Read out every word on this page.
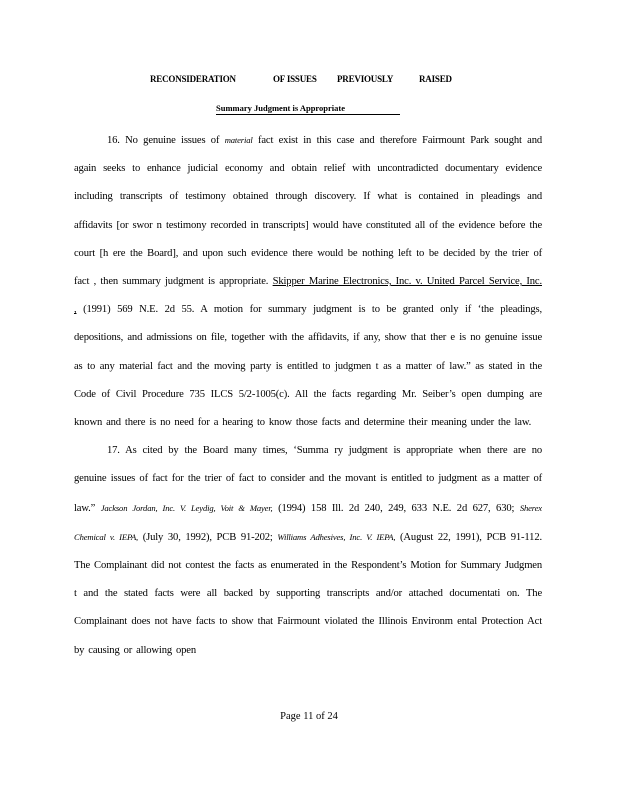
RECONSIDERATION	OF ISSUES PREVIOUSLY	RAISED
Summary Judgment is Appropriate

16. No genuine issues of material fact exist in this case and therefore Fairmount Park sought and again seeks to enhance judicial economy and obtain relief with uncontradicted documentary evidence including transcripts of testimony obtained through discovery. If what is contained in pleadings and affidavits [or swor n testimony recorded in transcripts] would have constituted all of the evidence before the court [h ere the Board], and upon such evidence there would be nothing left to be decided by the trier of fact , then summary judgment is appropriate. Skipper Marine Electronics, Inc. v. United Parcel Service, Inc. , (1991) 569 N.E. 2d 55. A motion for summary judgment is to be granted only if ‘the pleadings, depositions, and admissions on file, together with the affidavits, if any, show that ther e is no genuine issue as to any material fact and the moving party is entitled to judgmen t as a matter of law.” as stated in the Code of Civil Procedure 735 ILCS 5/2-1005(c). All the facts regarding Mr. Seiber’s open dumping are known and there is no need for a hearing to know those facts and determine their meaning under the law.

17. As cited by the Board many times, ‘Summa ry judgment is appropriate when there are no genuine issues of fact for the trier of fact to consider and the movant is entitled to judgment as a matter of law.” Jackson Jordan, Inc. V. Leydig, Voit & Mayer, (1994) 158 Ill. 2d 240, 249, 633 N.E. 2d 627, 630; Sherex Chemical v. IEPA, (July 30, 1992), PCB 91-202; Williams Adhesives, Inc. V. IEPA, (August 22, 1991), PCB 91-112. The Complainant did not contest the facts as enumerated in the Respondent’s Motion for Summary Judgmen t and the stated facts were all backed by supporting transcripts and/or attached documentati on. The Complainant does not have facts to show that Fairmount violated the Illinois Environm ental Protection Act by causing or allowing open

Page 11 of 24
